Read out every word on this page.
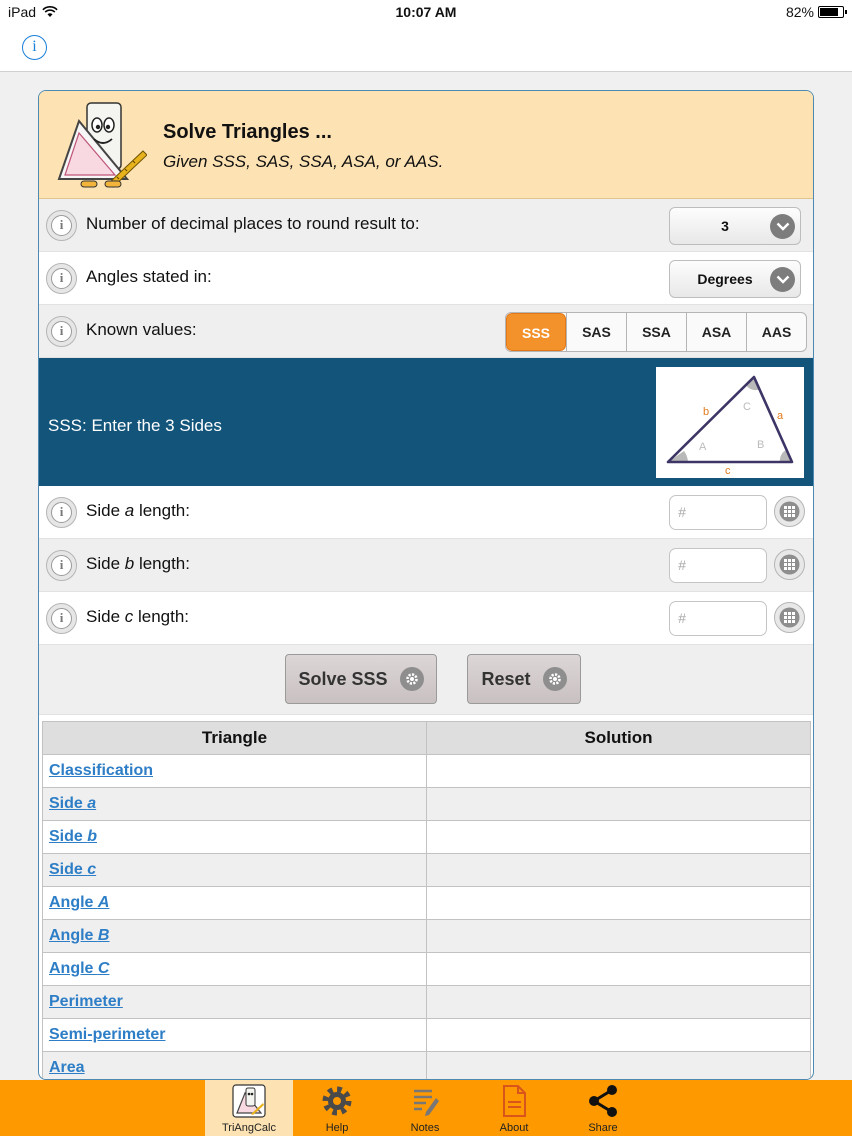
iPad	10:07 AM	82%
i
Solve Triangles ...
Given SSS, SAS, SSA, ASA, or AAS.
i	Number of decimal places to round result to:	3
i	Angles stated in:	Degrees
i	Known values:	SSS	SAS	SSA	ASA	AAS
SSS: Enter the 3 Sides
b	a
c
C
A	B
i	Side a length:	#
i	Side b length:	#
i	Side c length:	#
Solve SSS	Reset
Triangle	Solution
Classification	
Side a	
Side b	
Side c	
Angle A	
Angle B	
Angle C	
Perimeter	
Semi-perimeter	
Area	
TriAngCalc	Help	Notes	About	Share
